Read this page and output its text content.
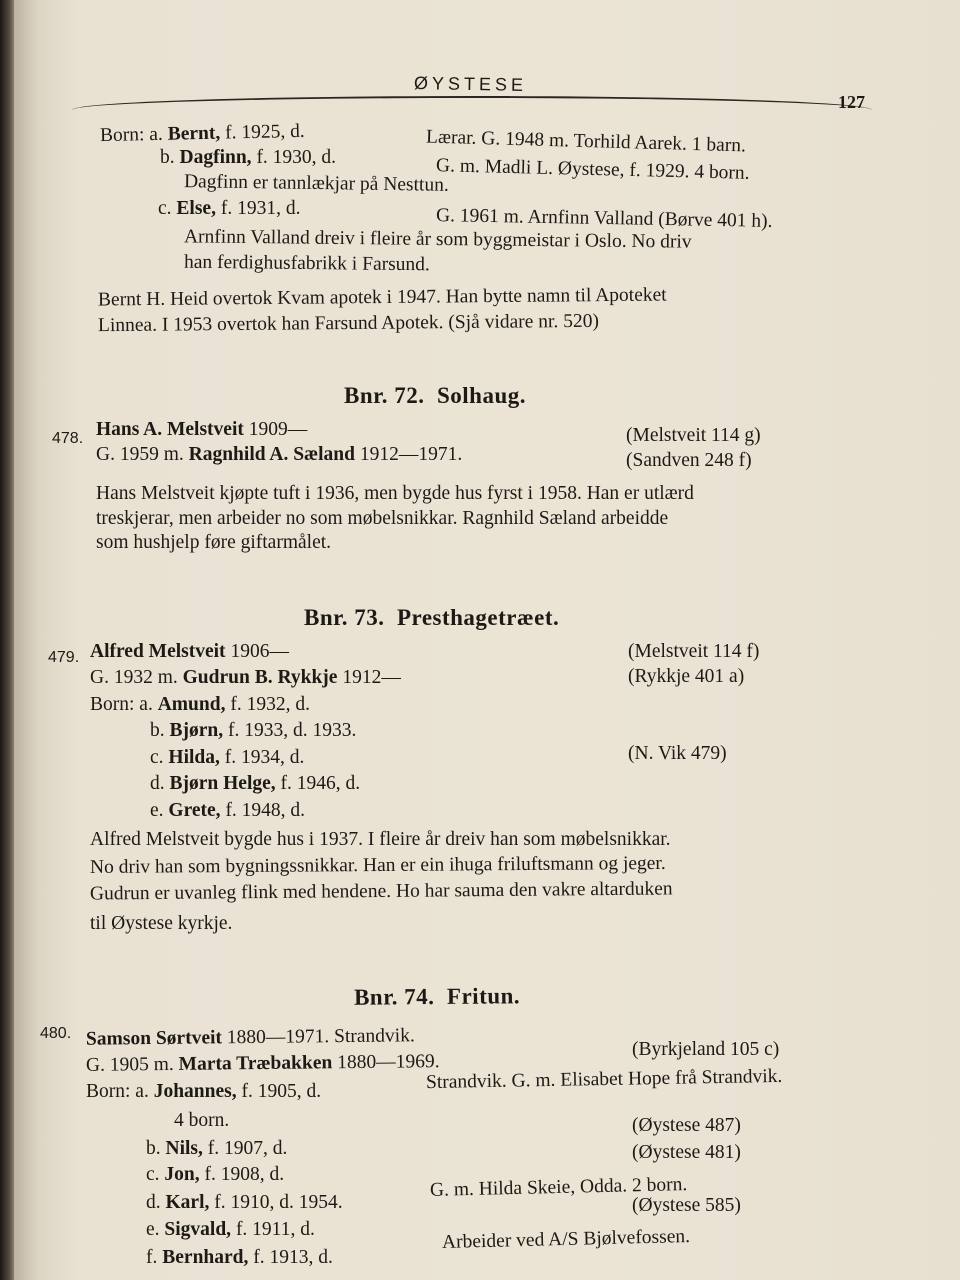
ØYSTESE
127
Born: a. Bernt, f. 1925, d.	Lærar. G. 1948 m. Torhild Aarek. 1 barn.
b. Dagfinn, f. 1930, d.	G. m. Madli L. Øystese, f. 1929. 4 born.
Dagfinn er tannlækjar på Nesttun.
c. Else, f. 1931, d.	G. 1961 m. Arnfinn Valland (Børve 401 h).
Arnfinn Valland dreiv i fleire år som byggmeistar i Oslo. No driv
han ferdighusfabrikk i Farsund.
Bernt H. Heid overtok Kvam apotek i 1947. Han bytte namn til Apoteket
Linnea. I 1953 overtok han Farsund Apotek. (Sjå vidare nr. 520)
Bnr. 72. Solhaug.
478. Hans A. Melstveit 1909—	(Melstveit 114 g)
G. 1959 m. Ragnhild A. Sæland 1912—1971.	(Sandven 248 f)
Hans Melstveit kjøpte tuft i 1936, men bygde hus fyrst i 1958. Han er utlærd
treskjerar, men arbeider no som møbelsnikkar. Ragnhild Sæland arbeidde
som hushjelp føre giftarmålet.
Bnr. 73. Presthagetræet.
479. Alfred Melstveit 1906—	(Melstveit 114 f)
G. 1932 m. Gudrun B. Rykkje 1912—	(Rykkje 401 a)
Born: a. Amund, f. 1932, d.
b. Bjørn, f. 1933, d. 1933.
c. Hilda, f. 1934, d.	(N. Vik 479)
d. Bjørn Helge, f. 1946, d.
e. Grete, f. 1948, d.
Alfred Melstveit bygde hus i 1937. I fleire år dreiv han som møbelsnikkar.
No driv han som bygningssnikkar. Han er ein ihuga friluftsmann og jeger.
Gudrun er uvanleg flink med hendene. Ho har sauma den vakre altarduken
til Øystese kyrkje.
Bnr. 74. Fritun.
480. Samson Sørtveit 1880—1971. Strandvik.
G. 1905 m. Marta Træbakken 1880—1969.
(Byrkjeland 105 c)
Born: a. Johannes, f. 1905, d.	Strandvik. G. m. Elisabet Hope frå Strandvik.
4 born.	(Øystese 487)
b. Nils, f. 1907, d.	(Øystese 481)
c. Jon, f. 1908, d.	G. m. Hilda Skeie, Odda. 2 born.
d. Karl, f. 1910, d. 1954.	(Øystese 585)
e. Sigvald, f. 1911, d.	Arbeider ved A/S Bjølvefossen.
f. Bernhard, f. 1913, d.
